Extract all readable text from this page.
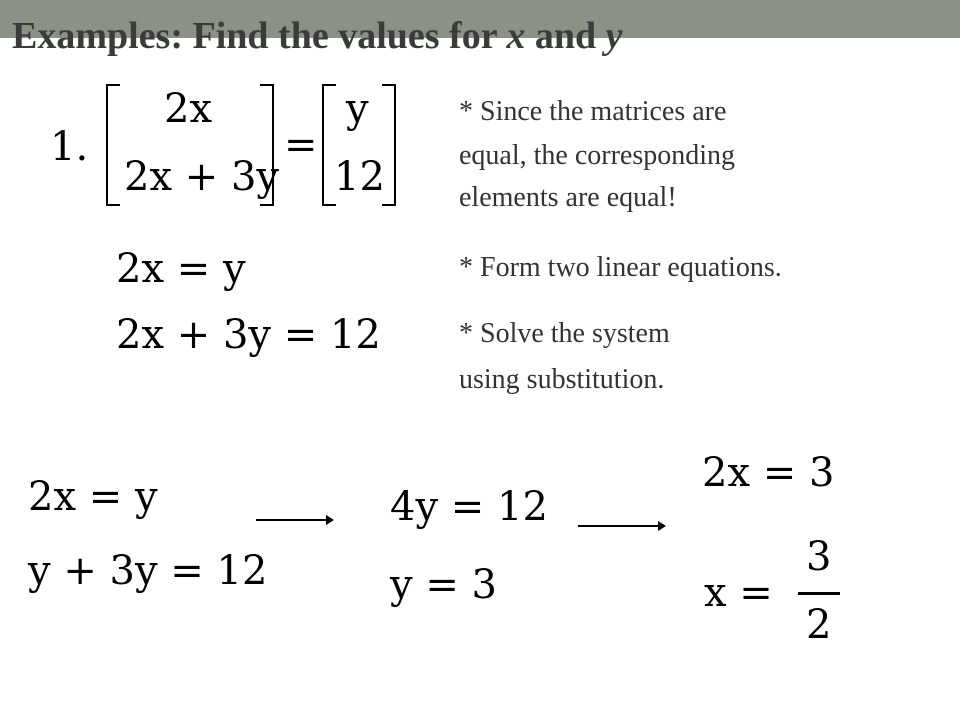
Examples: Find the values for x and y
1.
2x
2x + 3y
=
y
12
2x = y
2x + 3y = 12
* Since the matrices are
equal, the corresponding
elements are equal!
* Form two linear equations.
* Solve the system
using substitution.
2x = y
y + 3y = 12
4y = 12
y = 3
2x = 3
x =
3
2
